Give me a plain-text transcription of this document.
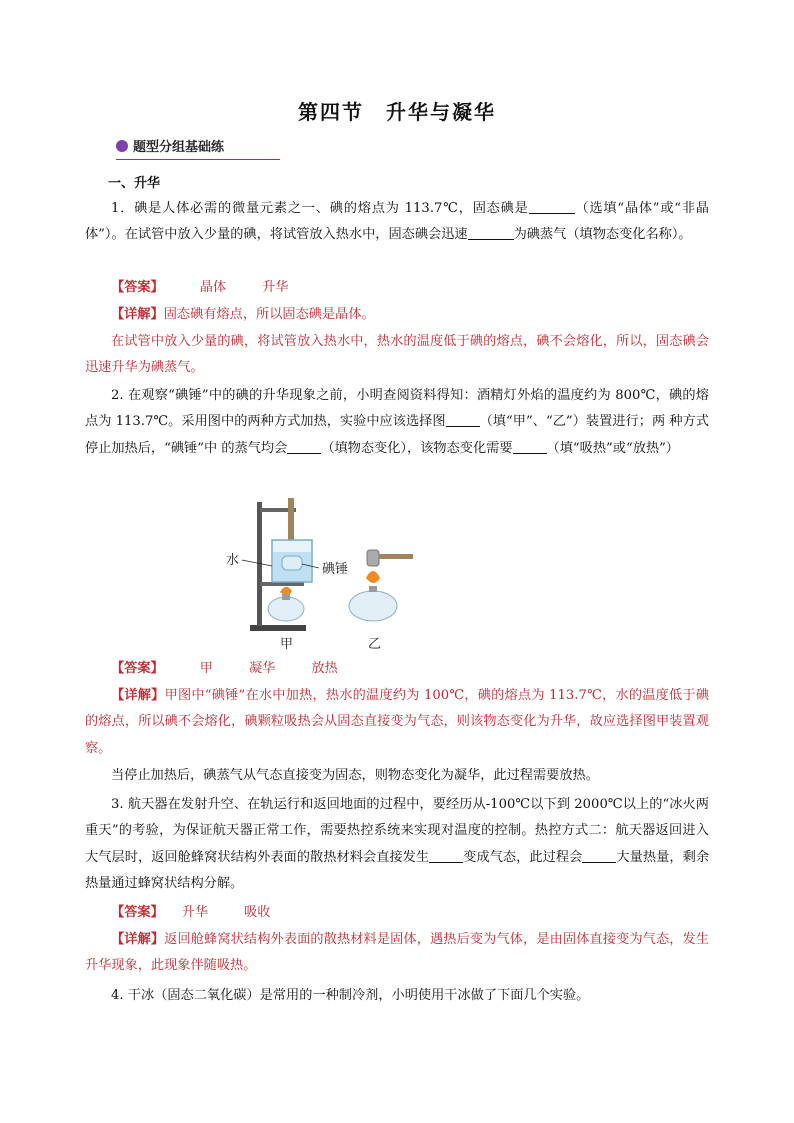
第四节 升华与凝华
题型分组基础练
一、升华
1．碘是人体必需的微量元素之一、碘的熔点为 113.7℃，固态碘是	（选填“晶体”或“非晶体”）。在试管中放入少量的碘，将试管放入热水中，固态碘会迅速	为碘蒸气（填物态变化名称）。
【答案】	晶体	升华
【详解】固态碘有熔点，所以固态碘是晶体。
在试管中放入少量的碘，将试管放入热水中，热水的温度低于碘的熔点，碘不会熔化，所以，固态碘会迅速升华为碘蒸气。
2. 在观察“碘锤”中的碘的升华现象之前，小明查阅资料得知：酒精灯外焰的温度约为 800℃，碘的熔点为 113.7℃。采用图中的两种方式加热，实验中应该选择图	（填“甲”、“乙”）装置进行；两 种方式停止加热后，“碘锤”中 的蒸气均会	（填物态变化），该物态变化需要	（填“吸热”或“放热”）
水
碘锤
甲	乙
【答案】	甲	凝华	放热
【详解】甲图中“碘锤”在水中加热，热水的温度约为 100℃，碘的熔点为 113.7℃，水的温度低于碘的熔点，所以碘不会熔化，碘颗粒吸热会从固态直接变为气态，则该物态变化为升华，故应选择图甲装置观察。
当停止加热后，碘蒸气从气态直接变为固态，则物态变化为凝华，此过程需要放热。
3. 航天器在发射升空、在轨运行和返回地面的过程中，要经历从-100℃以下到 2000℃以上的“冰火两重天”的考验，为保证航天器正常工作，需要热控系统来实现对温度的控制。热控方式二：航天器返回进入大气层时，返回舱蜂窝状结构外表面的散热材料会直接发生	变成气态，此过程会	大量热量，剩余热量通过蜂窝状结构分解。
【答案】 升华	吸收
【详解】返回舱蜂窝状结构外表面的散热材料是固体，遇热后变为气体，是由固体直接变为气态，发生升华现象，此现象伴随吸热。
4. 干冰（固态二氧化碳）是常用的一种制冷剂，小明使用干冰做了下面几个实验。
